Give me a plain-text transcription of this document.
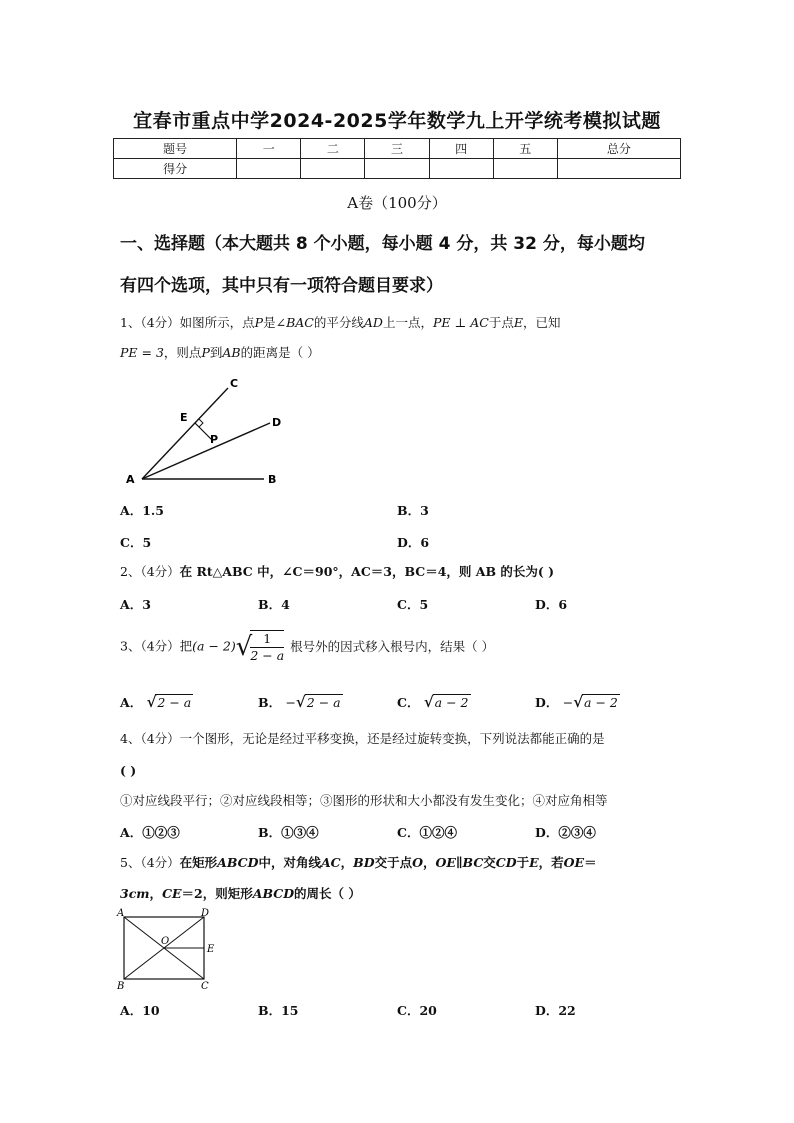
宜春市重点中学2024-2025学年数学九上开学统考模拟试题
题号	一	二	三	四	五	总分
得分						
A卷（100分）
一、选择题（本大题共 8 个小题，每小题 4 分，共 32 分，每小题均
有四个选项，其中只有一项符合题目要求）
1、（4分）如图所示，点P是∠BAC的平分线AD上一点，PE ⊥ AC于点E，已知
PE = 3，则点P到AB的距离是（ ）
C
D
E
P
A	B
A．1.5	B．3
C．5	D．6
2、（4分）在 Rt△ABC 中，∠C＝90°，AC＝3，BC＝4，则 AB 的长为( )
A．3	B．4	C．5	D．6
3、（4分）把(a − 2)√
$\frac{1}{2 - a}$ 根号外的因式移入根号内，结果（ ）
A． √2 − a	B． −√2 − a	C． √a − 2	D． −√a − 2
4、（4分）一个图形，无论是经过平移变换，还是经过旋转变换，下列说法都能正确的是
( )
①对应线段平行；②对应线段相等；③图形的形状和大小都没有发生变化；④对应角相等
A．①②③	B．①③④	C．①②④	D．②③④
5、（4分）在矩形ABCD中，对角线AC，BD交于点O，OE∥BC交CD于E，若OE＝
3cm，CE＝2，则矩形ABCD的周长（ ）
A	D
O
E
B	C
A．10	B．15	C．20	D．22
